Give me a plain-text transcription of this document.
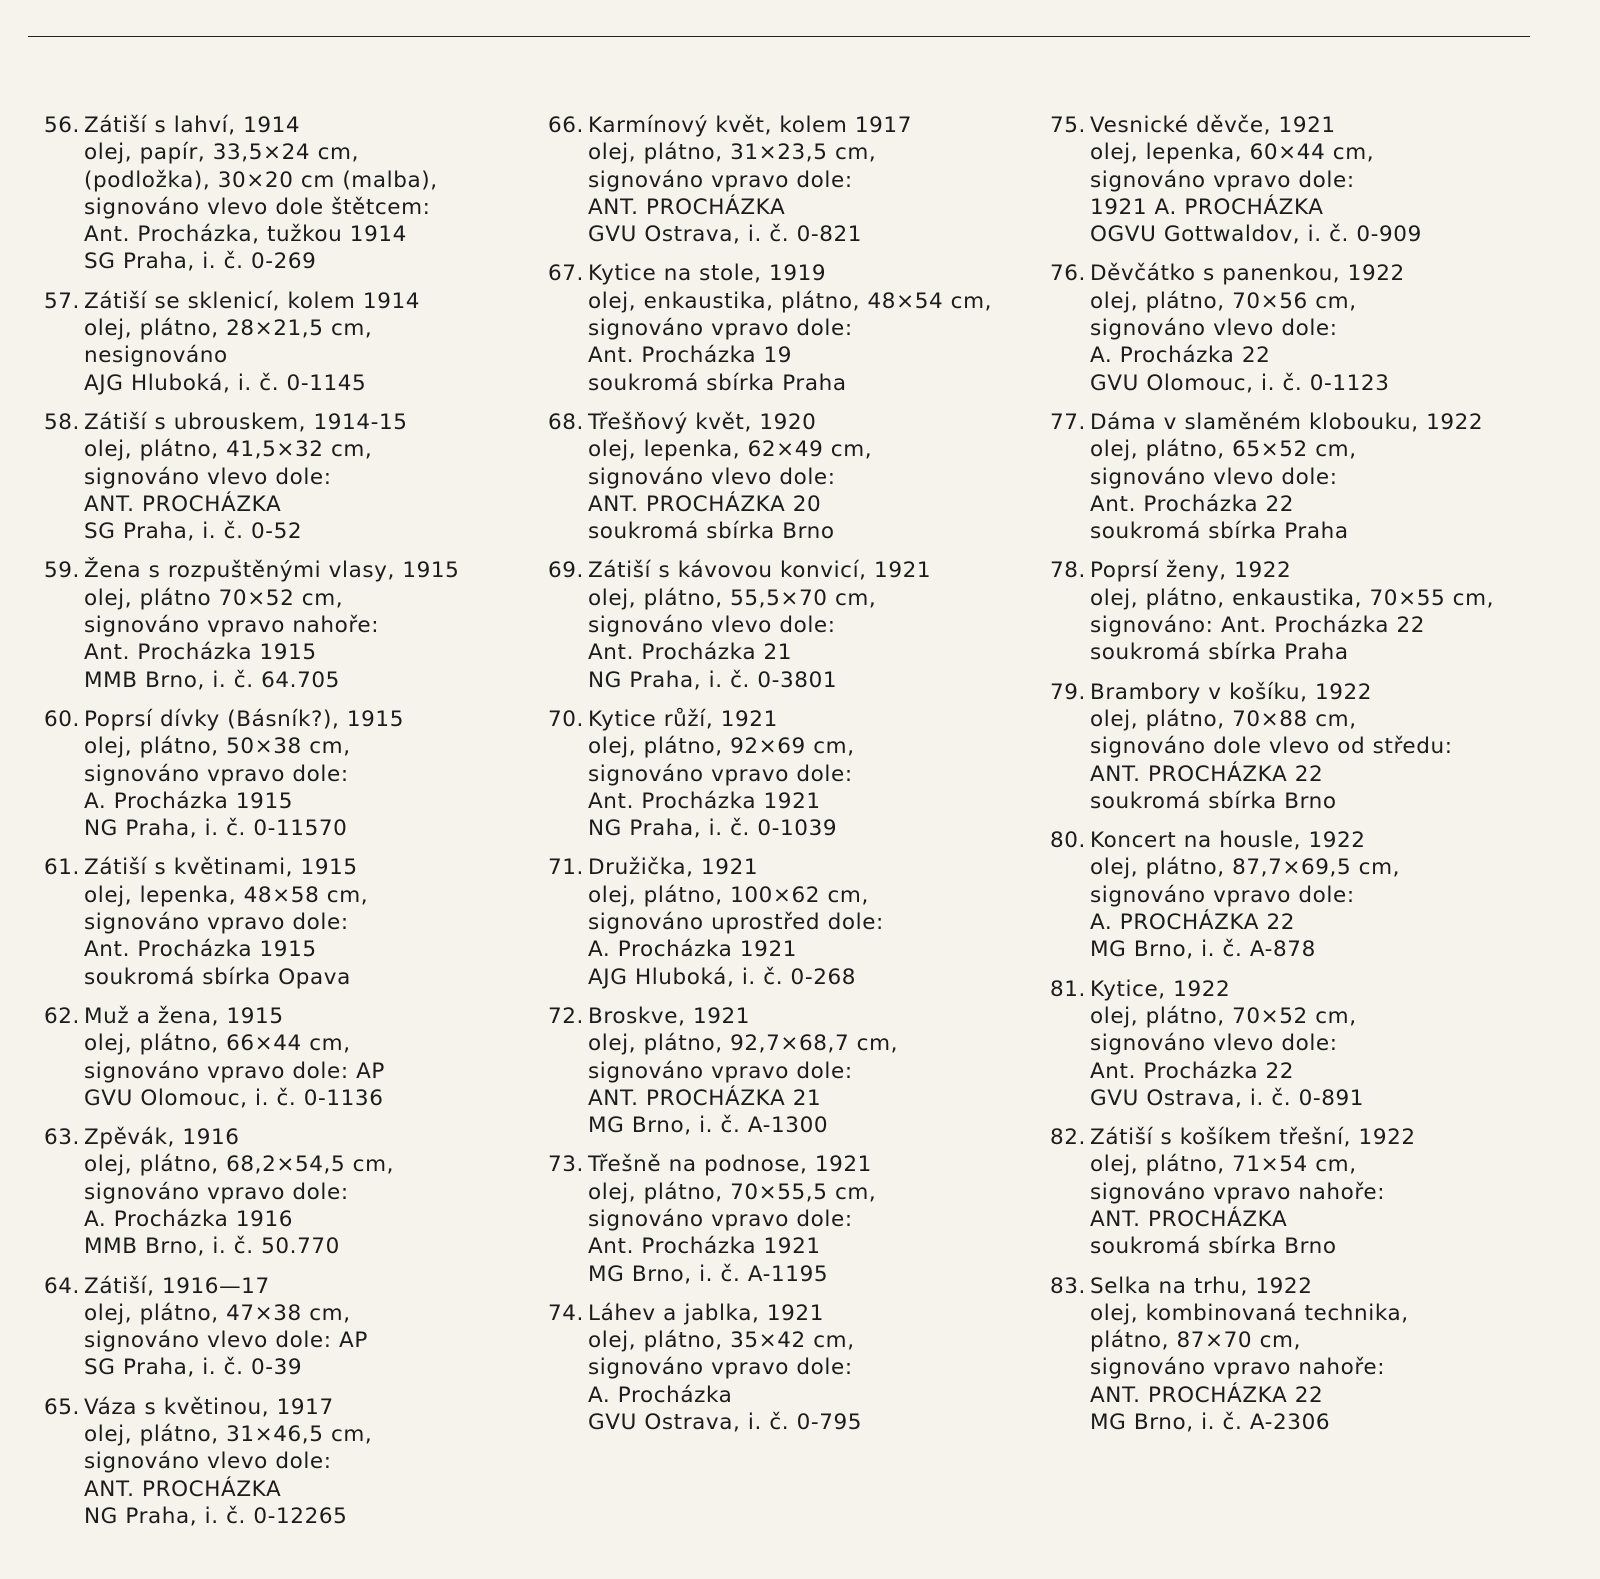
56. Zátiší s lahví, 1914
olej, papír, 33,5×24 cm,
(podložka), 30×20 cm (malba),
signováno vlevo dole štětcem:
Ant. Procházka, tužkou 1914
SG Praha, i. č. 0-269
57. Zátiší se sklenicí, kolem 1914
olej, plátno, 28×21,5 cm,
nesignováno
AJG Hluboká, i. č. 0-1145
58. Zátiší s ubrouskem, 1914-15
olej, plátno, 41,5×32 cm,
signováno vlevo dole:
ANT. PROCHÁZKA
SG Praha, i. č. 0-52
59. Žena s rozpuštěnými vlasy, 1915
olej, plátno 70×52 cm,
signováno vpravo nahoře:
Ant. Procházka 1915
MMB Brno, i. č. 64.705
60. Poprsí dívky (Básník?), 1915
olej, plátno, 50×38 cm,
signováno vpravo dole:
A. Procházka 1915
NG Praha, i. č. 0-11570
61. Zátiší s květinami, 1915
olej, lepenka, 48×58 cm,
signováno vpravo dole:
Ant. Procházka 1915
soukromá sbírka Opava
62. Muž a žena, 1915
olej, plátno, 66×44 cm,
signováno vpravo dole: AP
GVU Olomouc, i. č. 0-1136
63. Zpěvák, 1916
olej, plátno, 68,2×54,5 cm,
signováno vpravo dole:
A. Procházka 1916
MMB Brno, i. č. 50.770
64. Zátiší, 1916—17
olej, plátno, 47×38 cm,
signováno vlevo dole: AP
SG Praha, i. č. 0-39
65. Váza s květinou, 1917
olej, plátno, 31×46,5 cm,
signováno vlevo dole:
ANT. PROCHÁZKA
NG Praha, i. č. 0-12265
66. Karmínový květ, kolem 1917
olej, plátno, 31×23,5 cm,
signováno vpravo dole:
ANT. PROCHÁZKA
GVU Ostrava, i. č. 0-821
67. Kytice na stole, 1919
olej, enkaustika, plátno, 48×54 cm,
signováno vpravo dole:
Ant. Procházka 19
soukromá sbírka Praha
68. Třešňový květ, 1920
olej, lepenka, 62×49 cm,
signováno vlevo dole:
ANT. PROCHÁZKA 20
soukromá sbírka Brno
69. Zátiší s kávovou konvicí, 1921
olej, plátno, 55,5×70 cm,
signováno vlevo dole:
Ant. Procházka 21
NG Praha, i. č. 0-3801
70. Kytice růží, 1921
olej, plátno, 92×69 cm,
signováno vpravo dole:
Ant. Procházka 1921
NG Praha, i. č. 0-1039
71. Družička, 1921
olej, plátno, 100×62 cm,
signováno uprostřed dole:
A. Procházka 1921
AJG Hluboká, i. č. 0-268
72. Broskve, 1921
olej, plátno, 92,7×68,7 cm,
signováno vpravo dole:
ANT. PROCHÁZKA 21
MG Brno, i. č. A-1300
73. Třešně na podnose, 1921
olej, plátno, 70×55,5 cm,
signováno vpravo dole:
Ant. Procházka 1921
MG Brno, i. č. A-1195
74. Láhev a jablka, 1921
olej, plátno, 35×42 cm,
signováno vpravo dole:
A. Procházka
GVU Ostrava, i. č. 0-795
75. Vesnické děvče, 1921
olej, lepenka, 60×44 cm,
signováno vpravo dole:
1921 A. PROCHÁZKA
OGVU Gottwaldov, i. č. 0-909
76. Děvčátko s panenkou, 1922
olej, plátno, 70×56 cm,
signováno vlevo dole:
A. Procházka 22
GVU Olomouc, i. č. 0-1123
77. Dáma v slaměném klobouku, 1922
olej, plátno, 65×52 cm,
signováno vlevo dole:
Ant. Procházka 22
soukromá sbírka Praha
78. Poprsí ženy, 1922
olej, plátno, enkaustika, 70×55 cm,
signováno: Ant. Procházka 22
soukromá sbírka Praha
79. Brambory v košíku, 1922
olej, plátno, 70×88 cm,
signováno dole vlevo od středu:
ANT. PROCHÁZKA 22
soukromá sbírka Brno
80. Koncert na housle, 1922
olej, plátno, 87,7×69,5 cm,
signováno vpravo dole:
A. PROCHÁZKA 22
MG Brno, i. č. A-878
81. Kytice, 1922
olej, plátno, 70×52 cm,
signováno vlevo dole:
Ant. Procházka 22
GVU Ostrava, i. č. 0-891
82. Zátiší s košíkem třešní, 1922
olej, plátno, 71×54 cm,
signováno vpravo nahoře:
ANT. PROCHÁZKA
soukromá sbírka Brno
83. Selka na trhu, 1922
olej, kombinovaná technika,
plátno, 87×70 cm,
signováno vpravo nahoře:
ANT. PROCHÁZKA 22
MG Brno, i. č. A-2306
